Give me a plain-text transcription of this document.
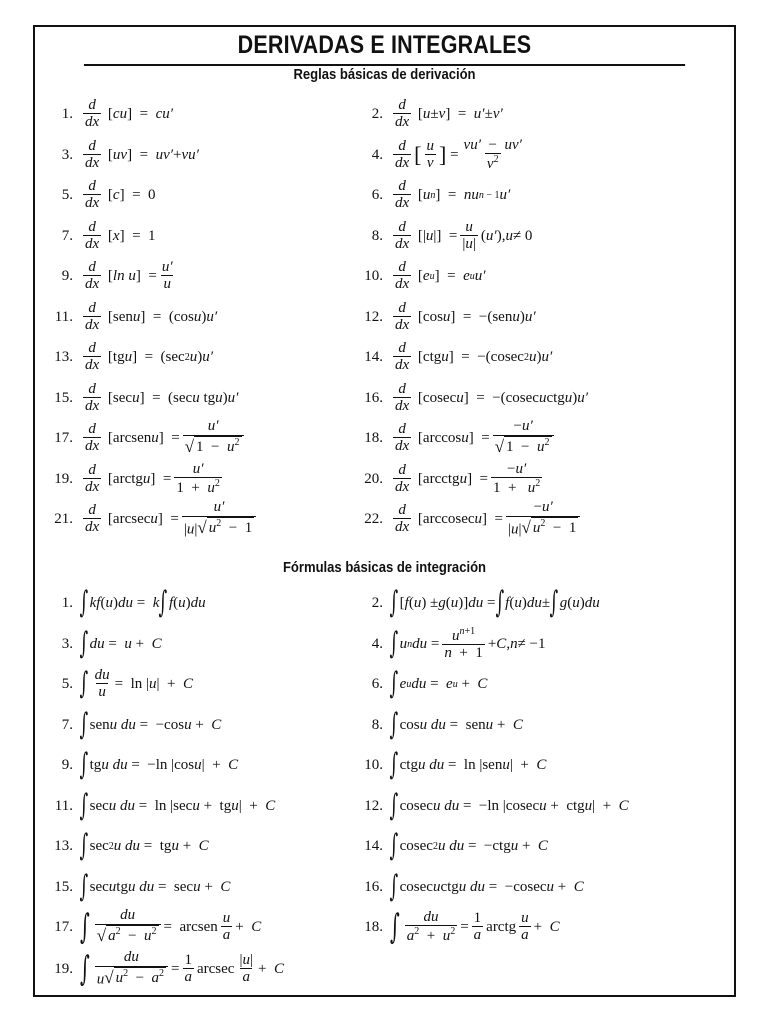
DERIVADAS E INTEGRALES
Reglas básicas de derivación
Fórmulas básicas de integración
1. $\frac{d}{dx}$ [ cu ]  = cu′	2. $\frac{d}{dx}$ [ u ± v ]  = u′ ± v′
3. $\frac{d}{dx}$ [ uv ]  = uv′ + vu′	4. $\frac{d}{dx}$ [ $\frac{u}{v}$ ] = $\frac{vu' - uv'}{v^2}$
5. $\frac{d}{dx}$ [ c ]  =  0	6. $\frac{d}{dx}$ [ u n ]  = nu n − 1 u′
7. $\frac{d}{dx}$ [ x ]  =  1	8. $\frac{d}{dx}$ [| u |]  = $\frac{u}{|u|}$ ( u′ ), u ≠ 0
9. $\frac{d}{dx}$ [ ln u ]  = $\frac{u'}{u}$	10. $\frac{d}{dx}$ [ e u ]  = e u u′
11. $\frac{d}{dx} [sen$ u ]  =  (cos u ) u′	12. $\frac{d}{dx} [\cos$ u ]  =  −(sen u ) u′
13. $\frac{d}{dx} [tg$ u ]  =  (sec 2 u ) u′	14. $\frac{d}{dx} [ctg$ u ]  =  −(cosec 2 u ) u′
15. $\frac{d}{dx} [\sec$ u ]  =  (sec u tg u ) u′	16. $\frac{d}{dx} [cosec$ u ]  =  −(cosec u ctg u ) u′
17. $\frac{d}{dx}$ [arcsen u ]  = $\frac{u'}{√ 1 - u^2}$	18. $\frac{d}{dx} [\arccos$ u ]  = $\frac{-u'}{√ 1 - u^2}$
19. $\frac{d}{dx}$ [arctg u ]  = $\frac{u'}{1 + u^2}$	20. $\frac{d}{dx}$ [arcctg u ]  = $\frac{-u'}{1 + u^2}$
21. $\frac{d}{dx} [arcsec$ u ]  = $\frac{u'}{|u| √ u^2 - 1}$	22. $\frac{d}{dx}$ [arccosec u ]  = $\frac{-u'}{|u| √ u^2 - 1}$
1. ∫ kf ( u ) du = k ∫ f ( u ) du	2. ∫ [ f ( u ) ± g ( u )] du = ∫ f ( u ) du ± ∫ g ( u ) du
3. ∫ du = u + C	4. ∫ u n du = $\frac{u^{n+1}}{n + 1} + C$ , n ≠ −1
5. ∫ $\frac{du}{u} = \ln$ | u |  + C	6. ∫ e u du = e u + C
7. ∫ sen u du =  −cos u + C	8. ∫ cos u du =  sen u + C
9. ∫ tg u du =  −ln |cos u |  + C	10. ∫ ctg u du =  ln |sen u |  + C
11. ∫ sec u du =  ln |sec u +  tg u |  + C	12. ∫ cosec u du =  −ln |cosec u +  ctg u |  + C
13. ∫ sec 2 u du =  tg u + C	14. ∫ cosec 2 u du =  −ctg u + C
15. ∫ sec u tg u du =  sec u + C	16. ∫ cosec u ctg u du =  −cosec u + C
17. ∫ $\frac{du}{√ a^2 - u^2}$ =  arcsen $\frac{u}{a} + C$	18. ∫ $\frac{du}{a^2 + u^2} = \frac{1}{a}$ arctg $\frac{u}{a} + C$
19. ∫ $\frac{du}{u √ u^2 - a^2} = \frac{1}{a}$ arcsec $\frac{|u|}{a} + C$
